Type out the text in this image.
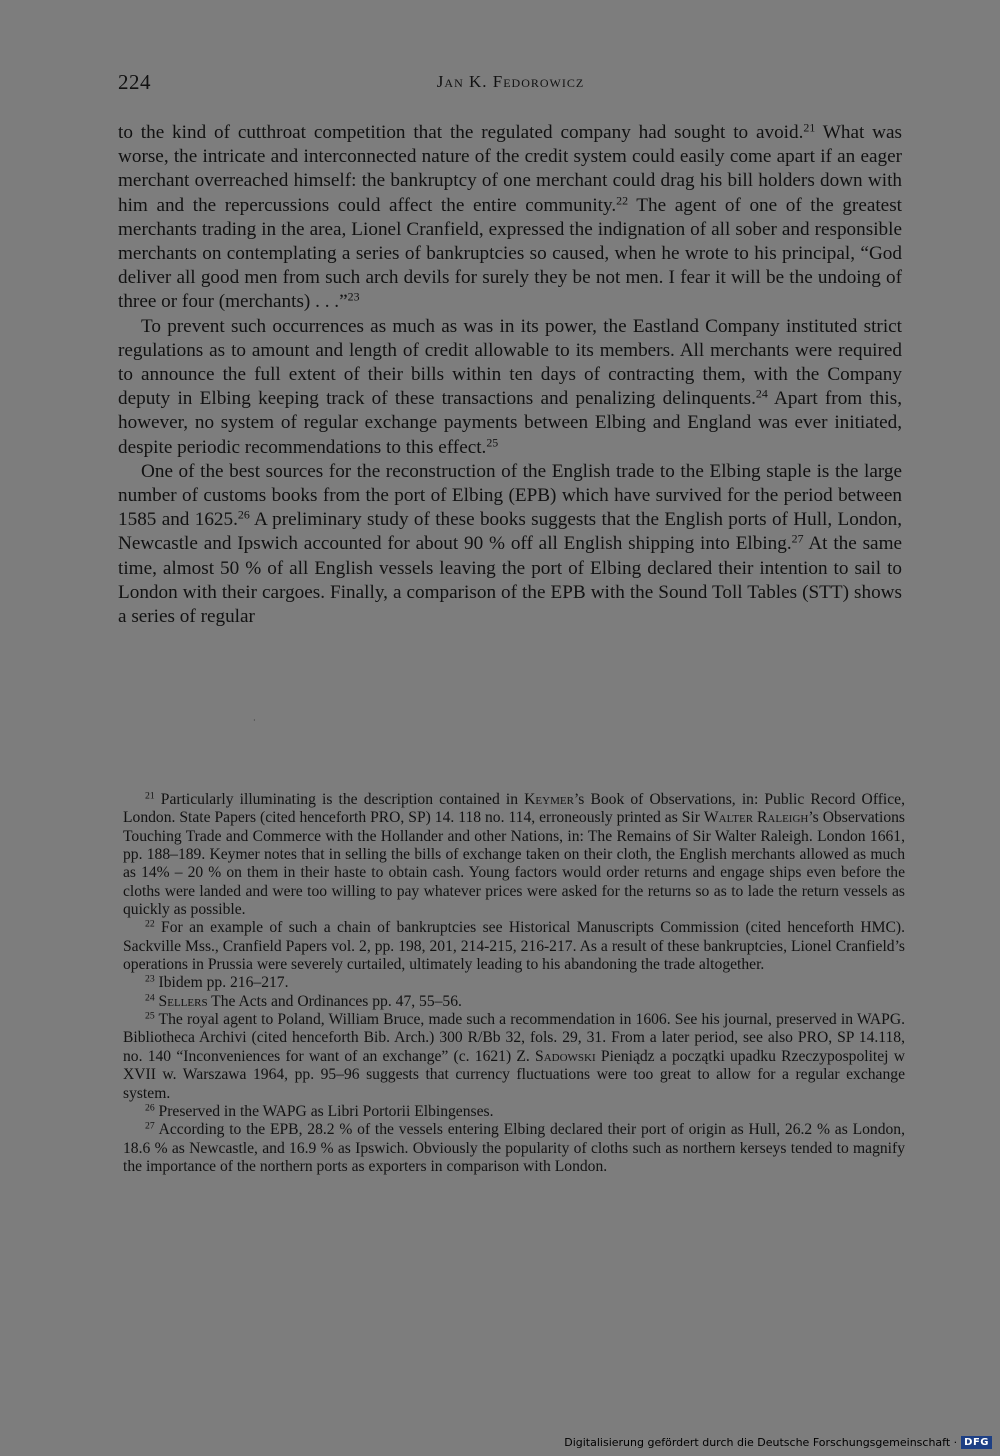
224	Jan K. Fedorowicz

to the kind of cutthroat competition that the regulated company had sought to avoid.$^{21}$ What was worse, the intricate and interconnected nature of the credit system could easily come apart if an eager merchant overreached himself: the bankruptcy of one merchant could drag his bill holders down with him and the repercussions could affect the entire community.$^{22}$ The agent of one of the greatest merchants trading in the area, Lionel Cranfield, expressed the indignation of all sober and responsible merchants on contemplating a series of bankruptcies so caused, when he wrote to his principal, “God deliver all good men from such arch devils for surely they be not men. I fear it will be the undoing of three or four (merchants) . . .”$^{23}$

To prevent such occurrences as much as was in its power, the Eastland Company instituted strict regulations as to amount and length of credit allowable to its members. All merchants were required to announce the full extent of their bills within ten days of contracting them, with the Company deputy in Elbing keeping track of these transactions and penalizing delinquents.$^{24}$ Apart from this, however, no system of regular exchange payments between Elbing and England was ever initiated, despite periodic recommendations to this effect.$^{25}$

One of the best sources for the reconstruction of the English trade to the Elbing staple is the large number of customs books from the port of Elbing (EPB) which have survived for the period between 1585 and 1625.26 A preliminary study of these books suggests that the English ports of Hull, London, Newcastle and Ipswich accounted for about 90 % off all English shipping into Elbing.$^{27}$ At the same time, almost 50 % of all English vessels leaving the port of Elbing declared their intention to sail to London with their cargoes. Finally, a comparison of the EPB with the Sound Toll Tables (STT) shows a series of regular

·

$^{21}$ Particularly illuminating is the description contained in Keymer’s Book of Observations, in: Public Record Office, London. State Papers (cited henceforth PRO, SP) 14. 118 no. 114, erroneously printed as Sir Walter Raleigh’s Observations Touching Trade and Commerce with the Hollander and other Nations, in: The Remains of Sir Walter Raleigh. London 1661, pp. 188–189. Keymer notes that in selling the bills of exchange taken on their cloth, the English merchants allowed as much as 14% – 20 % on them in their haste to obtain cash. Young factors would order returns and engage ships even before the cloths were landed and were too willing to pay whatever prices were asked for the returns so as to lade the return vessels as quickly as possible.

$^{22}$ For an example of such a chain of bankruptcies see Historical Manuscripts Commission (cited henceforth HMC). Sackville Mss., Cranfield Papers vol. 2, pp. 198, 201, 214-215, 216-217. As a result of these bankruptcies, Lionel Cranfield’s operations in Prussia were severely curtailed, ultimately leading to his abandoning the trade altogether.

$^{23}$ Ibidem pp. 216–217.

$^{24}$ Sellers The Acts and Ordinances pp. 47, 55–56.

$^{25}$ The royal agent to Poland, William Bruce, made such a recommendation in 1606. See his journal, preserved in WAPG. Bibliotheca Archivi (cited henceforth Bib. Arch.) 300 R/Bb 32, fols. 29, 31. From a later period, see also PRO, SP 14.118, no. 140 “Inconveniences for want of an exchange” (c. 1621) Z. Sadowski Pieniądz a początki upadku Rzeczypospolitej w XVII w. Warszawa 1964, pp. 95–96 suggests that currency fluctuations were too great to allow for a regular exchange system.

$^{26}$ Preserved in the WAPG as Libri Portorii Elbingenses.

$^{27}$ According to the EPB, 28.2 % of the vessels entering Elbing declared their port of origin as Hull, 26.2 % as London, 18.6 % as Newcastle, and 16.9 % as Ipswich. Obviously the popularity of cloths such as northern kerseys tended to magnify the importance of the northern ports as exporters in comparison with London.

Digitalisierung gefördert durch die Deutsche Forschungsgemeinschaft · DFG
